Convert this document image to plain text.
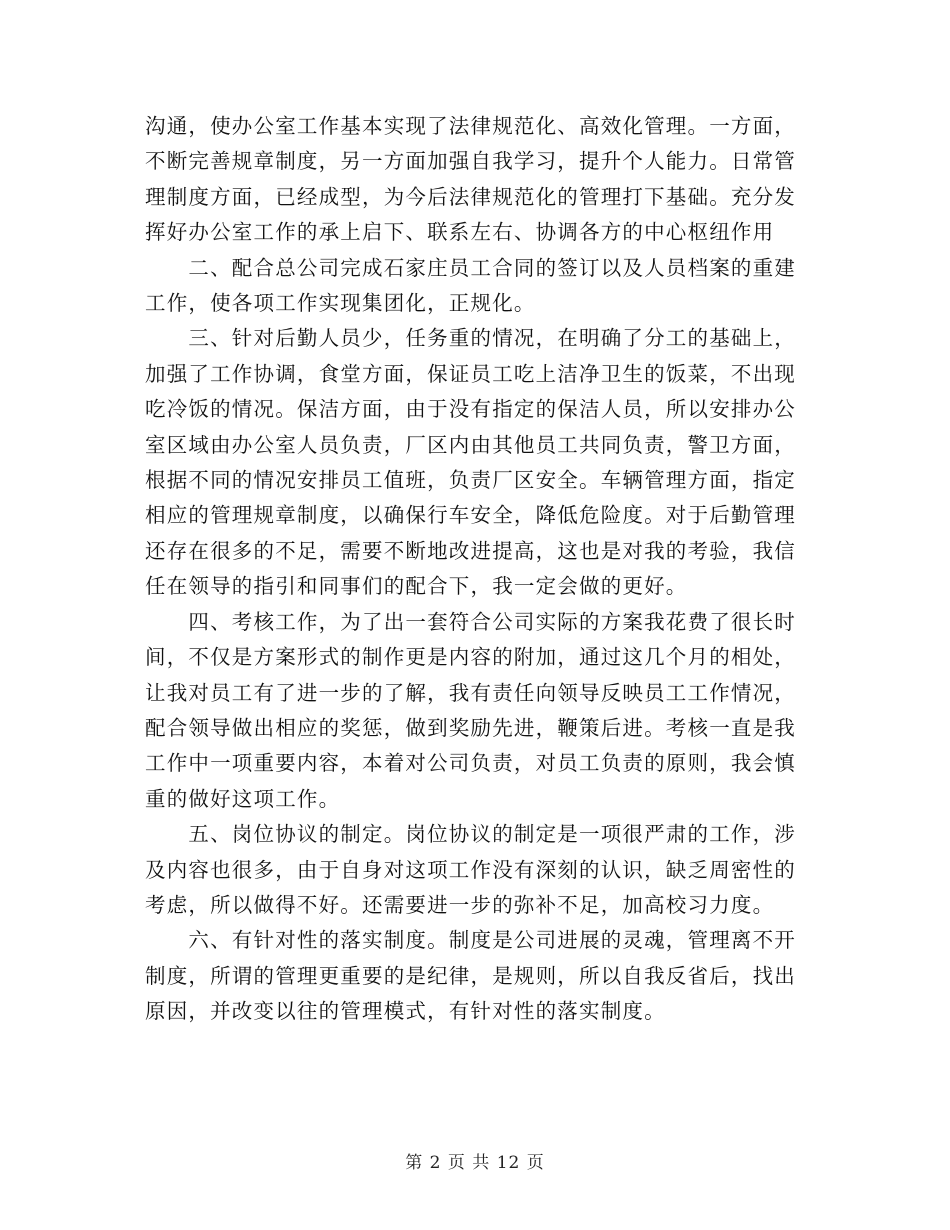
沟通，使办公室工作基本实现了法律规范化、高效化管理。一方面，
不断完善规章制度，另一方面加强自我学习，提升个人能力。日常管
理制度方面，已经成型，为今后法律规范化的管理打下基础。充分发
挥好办公室工作的承上启下、联系左右、协调各方的中心枢纽作用

　　二、配合总公司完成石家庄员工合同的签订以及人员档案的重建
工作，使各项工作实现集团化，正规化。

　　三、针对后勤人员少，任务重的情况，在明确了分工的基础上，
加强了工作协调，食堂方面，保证员工吃上洁净卫生的饭菜，不出现
吃冷饭的情况。保洁方面，由于没有指定的保洁人员，所以安排办公
室区域由办公室人员负责，厂区内由其他员工共同负责，警卫方面，
根据不同的情况安排员工值班，负责厂区安全。车辆管理方面，指定
相应的管理规章制度，以确保行车安全，降低危险度。对于后勤管理
还存在很多的不足，需要不断地改进提高，这也是对我的考验，我信
任在领导的指引和同事们的配合下，我一定会做的更好。

　　四、考核工作，为了出一套符合公司实际的方案我花费了很长时
间，不仅是方案形式的制作更是内容的附加，通过这几个月的相处，
让我对员工有了进一步的了解，我有责任向领导反映员工工作情况，
配合领导做出相应的奖惩，做到奖励先进，鞭策后进。考核一直是我
工作中一项重要内容，本着对公司负责，对员工负责的原则，我会慎
重的做好这项工作。

　　五、岗位协议的制定。岗位协议的制定是一项很严肃的工作，涉
及内容也很多，由于自身对这项工作没有深刻的认识，缺乏周密性的
考虑，所以做得不好。还需要进一步的弥补不足，加高校习力度。

　　六、有针对性的落实制度。制度是公司进展的灵魂，管理离不开
制度，所谓的管理更重要的是纪律，是规则，所以自我反省后，找出
原因，并改变以往的管理模式，有针对性的落实制度。

第 2 页 共 12 页
